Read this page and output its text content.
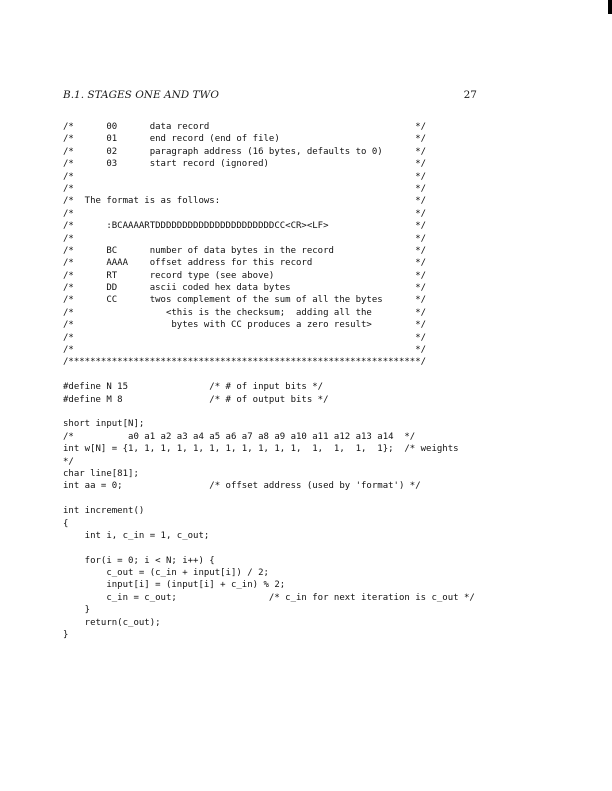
B.1. STAGES ONE AND TWO	27
/*      00      data record                                      */
/*      01      end record (end of file)                         */
/*      02      paragraph address (16 bytes, defaults to 0)      */
/*      03      start record (ignored)                           */
/*                                                               */
/*                                                               */
/*  The format is as follows:                                    */
/*                                                               */
/*      :BCAAAARTDDDDDDDDDDDDDDDDDDDDDDCC<CR><LF>                */
/*                                                               */
/*      BC      number of data bytes in the record               */
/*      AAAA    offset address for this record                   */
/*      RT      record type (see above)                          */
/*      DD      ascii coded hex data bytes                       */
/*      CC      twos complement of the sum of all the bytes      */
/*                 <this is the checksum;  adding all the        */
/*                  bytes with CC produces a zero result>        */
/*                                                               */
/*                                                               */
/*****************************************************************/
#define N 15               /* # of input bits */
#define M 8                /* # of output bits */
short input[N];
/*          a0 a1 a2 a3 a4 a5 a6 a7 a8 a9 a10 a11 a12 a13 a14  */
int w[N] = {1, 1, 1, 1, 1, 1, 1, 1, 1, 1, 1,  1,  1,  1,  1};  /* weights
*/
char line[81];
int aa = 0;                /* offset address (used by 'format') */
int increment()
{
int i, c_in = 1, c_out;
for(i = 0; i < N; i++) {
c_out = (c_in + input[i]) / 2;
input[i] = (input[i] + c_in) % 2;
c_in = c_out;                 /* c_in for next iteration is c_out */
}
return(c_out);
}
